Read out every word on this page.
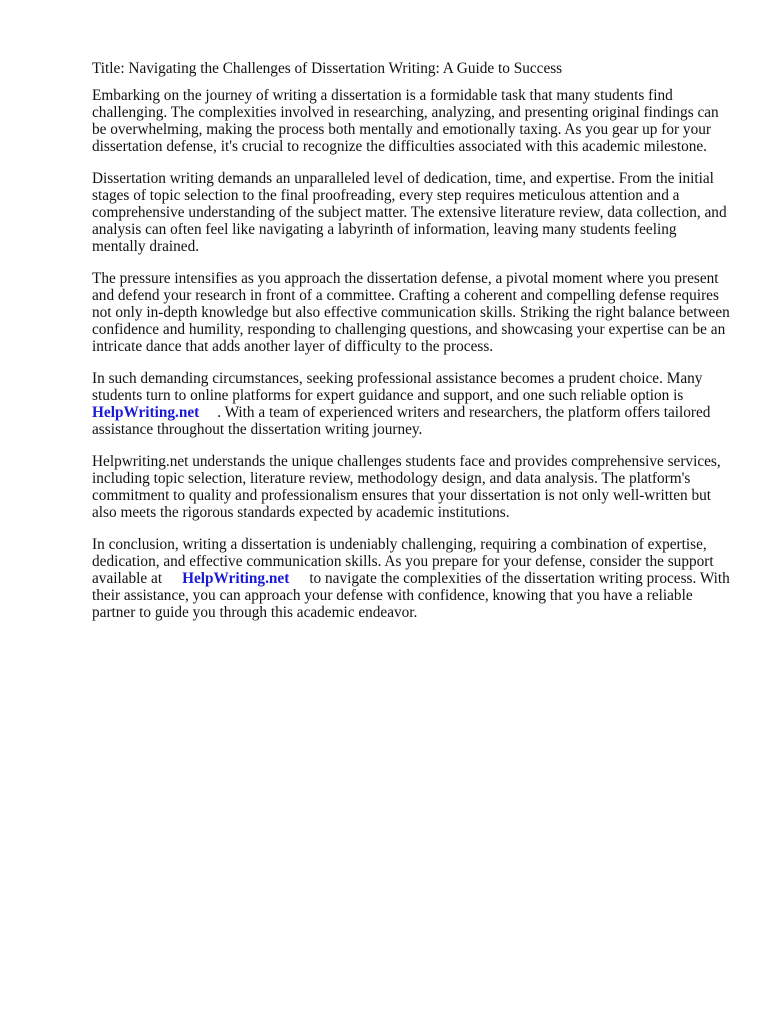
Title: Navigating the Challenges of Dissertation Writing: A Guide to Success

Embarking on the journey of writing a dissertation is a formidable task that many students find challenging. The complexities involved in researching, analyzing, and presenting original findings can be overwhelming, making the process both mentally and emotionally taxing. As you gear up for your dissertation defense, it's crucial to recognize the difficulties associated with this academic milestone.

Dissertation writing demands an unparalleled level of dedication, time, and expertise. From the initial stages of topic selection to the final proofreading, every step requires meticulous attention and a comprehensive understanding of the subject matter. The extensive literature review, data collection, and analysis can often feel like navigating a labyrinth of information, leaving many students feeling mentally drained.

The pressure intensifies as you approach the dissertation defense, a pivotal moment where you present and defend your research in front of a committee. Crafting a coherent and compelling defense requires not only in-depth knowledge but also effective communication skills. Striking the right balance between confidence and humility, responding to challenging questions, and showcasing your expertise can be an intricate dance that adds another layer of difficulty to the process.

In such demanding circumstances, seeking professional assistance becomes a prudent choice. Many students turn to online platforms for expert guidance and support, and one such reliable option is
HelpWriting.net . With a team of experienced writers and researchers, the platform offers tailored assistance throughout the dissertation writing journey.

Helpwriting.net understands the unique challenges students face and provides comprehensive services, including topic selection, literature review, methodology design, and data analysis. The platform's commitment to quality and professionalism ensures that your dissertation is not only well-written but also meets the rigorous standards expected by academic institutions.

In conclusion, writing a dissertation is undeniably challenging, requiring a combination of expertise, dedication, and effective communication skills. As you prepare for your defense, consider the support available at HelpWriting.net to navigate the complexities of the dissertation writing process. With their assistance, you can approach your defense with confidence, knowing that you have a reliable partner to guide you through this academic endeavor.
